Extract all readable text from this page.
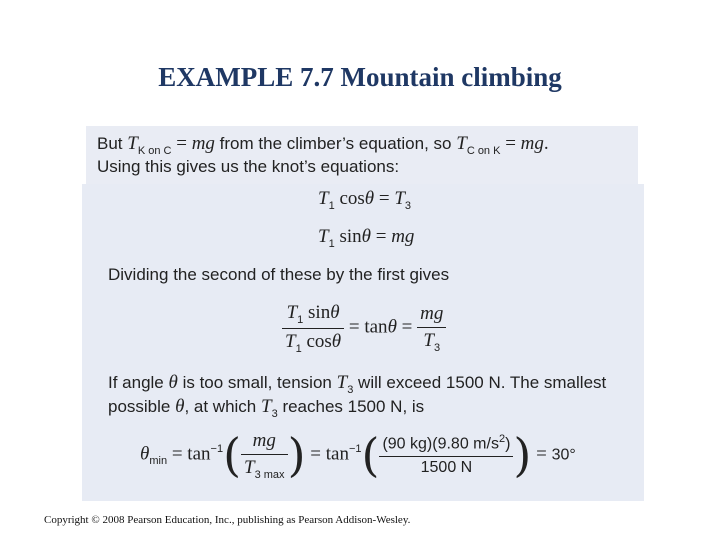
EXAMPLE 7.7 Mountain climbing
But $T_{K on C}$ = mg from the climber’s equation, so $T_{C on K}$ = mg.
Using this gives us the knot’s equations:
$T_1$ $\cos\theta = T_3$
$T_1$ sinθ = mg
Dividing the second of these by the first gives
$\frac{T_1 \sin\theta}{T_1 \cos\theta} = \tan\theta = \frac{mg}{T_3}$
If angle θ is too small, tension $T_3$ will exceed 1500 N. The smallest
possible θ, at which $T_3$ reaches 1500 N, is
$\theta_{min} = \tan^{-1}( \frac{mg}{T_{3 max}}$ ) = $\tan^{-1}( \frac{(90 kg)(9.80 m/s^2)}{1500 N}$ ) = 30°
Copyright © 2008 Pearson Education, Inc., publishing as Pearson Addison-Wesley.
